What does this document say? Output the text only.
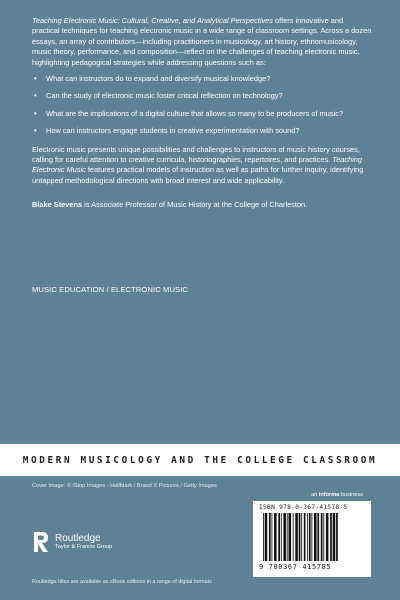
Teaching Electronic Music: Cultural, Creative, and Analytical Perspectives offers innovative and practical techniques for teaching electronic music in a wide range of classroom settings. Across a dozen essays, an array of contributors—including practitioners in musicology, art history, ethnomusicology, music theory, performance, and composition—reflect on the challenges of teaching electronic music, highlighting pedagogical strategies while addressing questions such as:

• What can instructors do to expand and diversify musical knowledge?
• Can the study of electronic music foster critical reflection on technology?
• What are the implications of a digital culture that allows so many to be producers of music?
• How can instructors engage students in creative experimentation with sound?

Electronic music presents unique possibilities and challenges to instructors of music history courses, calling for careful attention to creative curricula, historiographies, repertoires, and practices. Teaching Electronic Music features practical models of instruction as well as paths for further inquiry, identifying untapped methodological directions with broad interest and wide applicability.

Blake Stevens is Associate Professor of Music History at the College of Charleston.

MUSIC EDUCATION / ELECTRONIC MUSIC
MODERN MUSICOLOGY AND THE COLLEGE CLASSROOM
Cover image: © iStop Images - Hallfdark / Brand X Pictures / Getty Images
Routledge
Taylor & Francis Group
Routledge titles are available as eBook editions in a range of digital formats
an informa business
ISBN 978-0-367-41578-5
9 780367 415785
